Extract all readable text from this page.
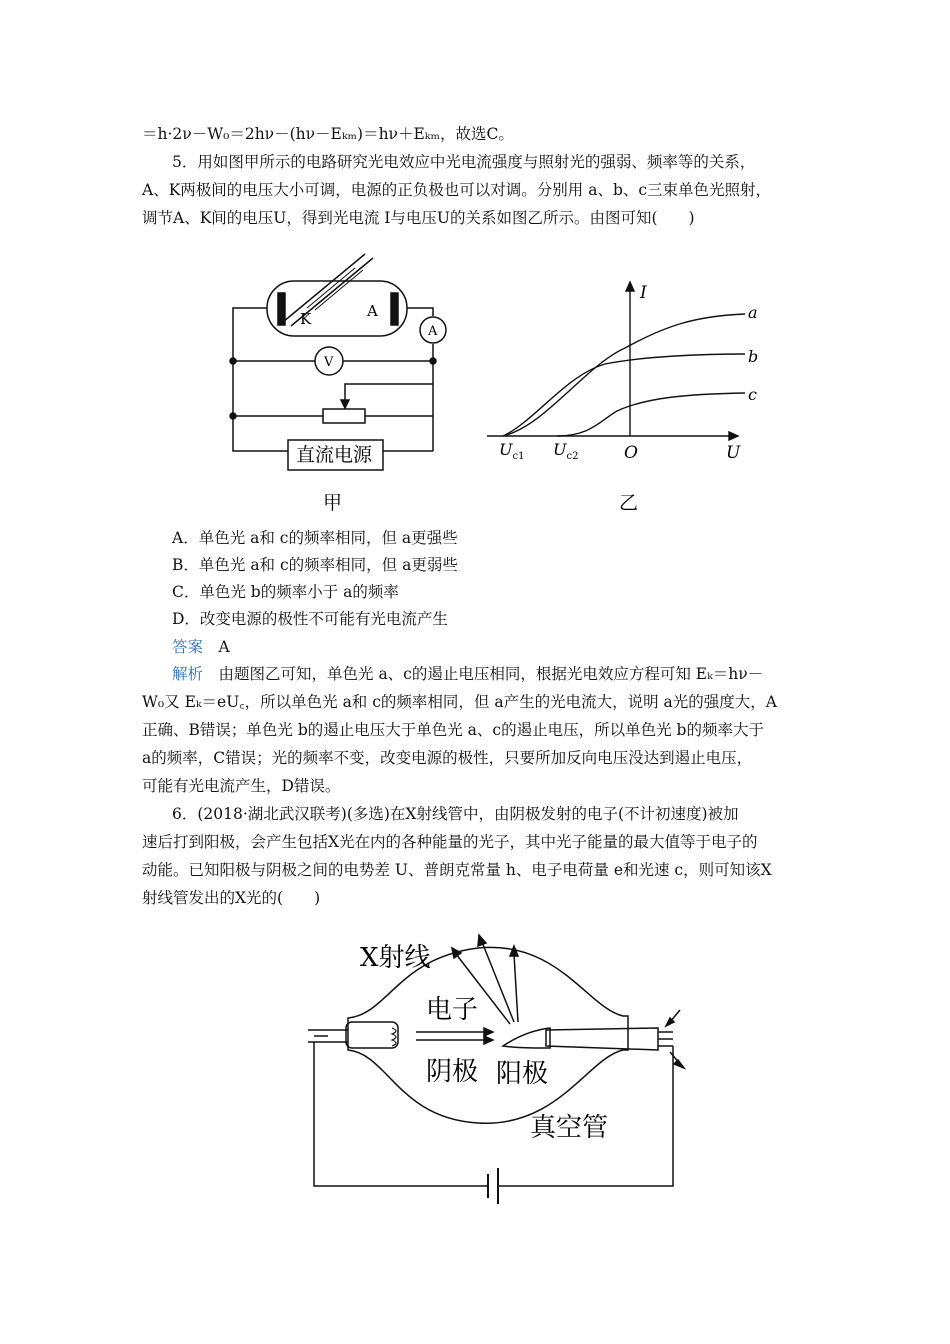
＝h·2ν－W₀＝2hν－(hν－Eₖₘ)＝hν＋Eₖₘ，故选C。
5．用如图甲所示的电路研究光电效应中光电流强度与照射光的强弱、频率等的关系，
A、K两极间的电压大小可调，电源的正负极也可以对调。分别用 a、b、c三束单色光照射，
调节A、K间的电压U，得到光电流 I与电压U的关系如图乙所示。由图可知(　　)
K	A
A
V
直流电源
甲
I
U
O
$U_{c1}$ $U_{c2}$
a
b
c
乙
A．单色光 a和 c的频率相同，但 a更强些
B．单色光 a和 c的频率相同，但 a更弱些
C．单色光 b的频率小于 a的频率
D．改变电源的极性不可能有光电流产生
答案  A
解析  由题图乙可知，单色光 a、c的遏止电压相同，根据光电效应方程可知 Eₖ＝hν－
W₀又 Eₖ＝eU꜀，所以单色光 a和 c的频率相同，但 a产生的光电流大，说明 a光的强度大，A
正确、B错误；单色光 b的遏止电压大于单色光 a、c的遏止电压，所以单色光 b的频率大于
a的频率，C错误；光的频率不变，改变电源的极性，只要所加反向电压没达到遏止电压，
可能有光电流产生，D错误。
6．(2018·湖北武汉联考)(多选)在X射线管中，由阴极发射的电子(不计初速度)被加
速后打到阳极，会产生包括X光在内的各种能量的光子，其中光子能量的最大值等于电子的
动能。已知阳极与阴极之间的电势差 U、普朗克常量 h、电子电荷量 e和光速 c，则可知该X
射线管发出的X光的(　　)
X射线
电子
阴极 阳极
真空管
